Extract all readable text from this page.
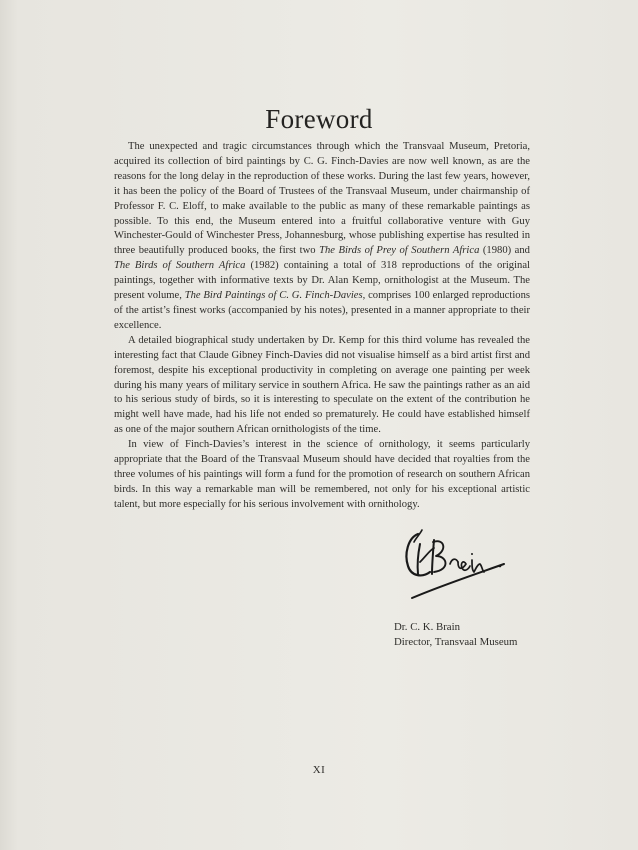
Foreword

The unexpected and tragic circumstances through which the Transvaal Museum, Pretoria, acquired its collection of bird paintings by C. G. Finch-Davies are now well known, as are the reasons for the long delay in the reproduction of these works. During the last few years, however, it has been the policy of the Board of Trustees of the Transvaal Museum, under chairmanship of Professor F. C. Eloff, to make available to the public as many of these remarkable paintings as possible. To this end, the Museum entered into a fruitful collaborative venture with Guy Winchester-Gould of Winchester Press, Johannesburg, whose publishing expertise has resulted in three beautifully produced books, the first two The Birds of Prey of Southern Africa (1980) and The Birds of Southern Africa (1982) containing a total of 318 reproductions of the original paintings, together with informative texts by Dr. Alan Kemp, ornithologist at the Museum. The present volume, The Bird Paintings of C. G. Finch-Davies, comprises 100 enlarged reproductions of the artist’s finest works (accompanied by his notes), presented in a manner appropriate to their excellence.

A detailed biographical study undertaken by Dr. Kemp for this third volume has revealed the interesting fact that Claude Gibney Finch-Davies did not visualise himself as a bird artist first and foremost, despite his exceptional productivity in completing on average one painting per week during his many years of military service in southern Africa. He saw the paintings rather as an aid to his serious study of birds, so it is interesting to speculate on the extent of the contribution he might well have made, had his life not ended so prematurely. He could have established himself as one of the major southern African ornithologists of the time.

In view of Finch-Davies’s interest in the science of ornithology, it seems particularly appropriate that the Board of the Transvaal Museum should have decided that royalties from the three volumes of his paintings will form a fund for the promotion of research on southern African birds. In this way a remarkable man will be remembered, not only for his exceptional artistic talent, but more especially for his serious involvement with ornithology.

Dr. C. K. Brain
Director, Transvaal Museum
XI
